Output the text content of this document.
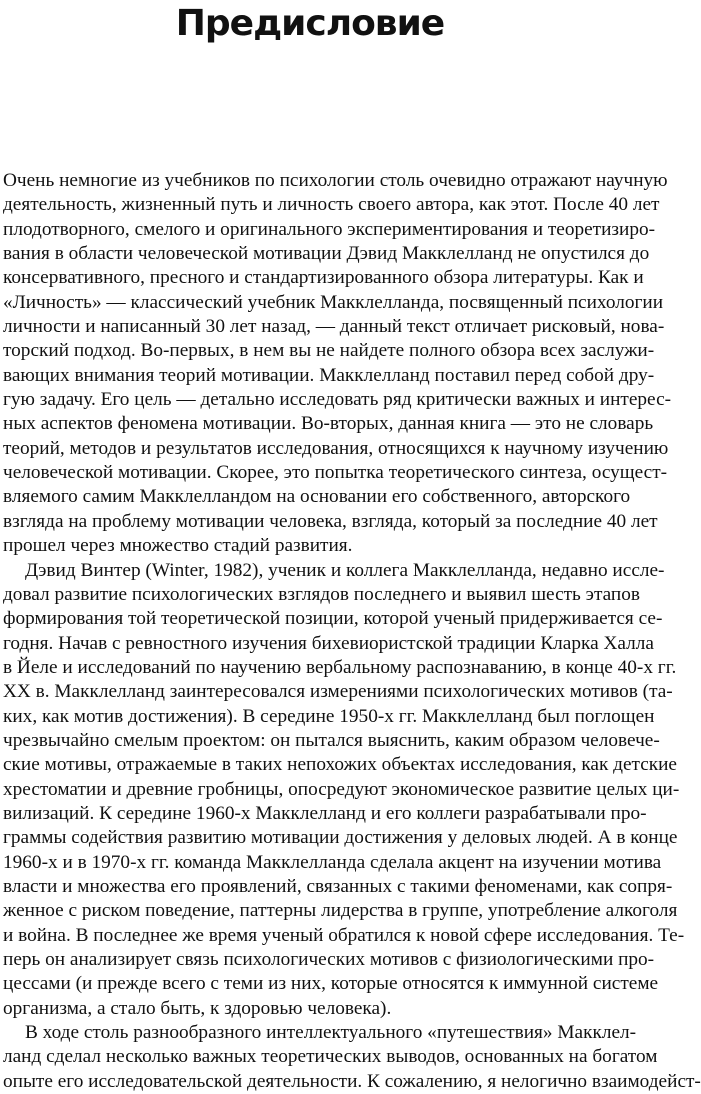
Предисловие
Очень немногие из учебников по психологии столь очевидно отражают научную
деятельность, жизненный путь и личность своего автора, как этот. После 40 лет
плодотворного, смелого и оригинального экспериментирования и теоретизиро-
вания в области человеческой мотивации Дэвид Макклелланд не опустился до
консервативного, пресного и стандартизированного обзора литературы. Как и
«Личность» — классический учебник Макклелланда, посвященный психологии
личности и написанный 30 лет назад, — данный текст отличает рисковый, нова-
торский подход. Во-первых, в нем вы не найдете полного обзора всех заслужи-
вающих внимания теорий мотивации. Макклелланд поставил перед собой дру-
гую задачу. Его цель — детально исследовать ряд критически важных и интерес-
ных аспектов феномена мотивации. Во-вторых, данная книга — это не словарь
теорий, методов и результатов исследования, относящихся к научному изучению
человеческой мотивации. Скорее, это попытка теоретического синтеза, осущест-
вляемого самим Макклелландом на основании его собственного, авторского
взгляда на проблему мотивации человека, взгляда, который за последние 40 лет
прошел через множество стадий развития.
Дэвид Винтер (Winter, 1982), ученик и коллега Макклелланда, недавно иссле-
довал развитие психологических взглядов последнего и выявил шесть этапов
формирования той теоретической позиции, которой ученый придерживается се-
годня. Начав с ревностного изучения бихевиористской традиции Кларка Халла
в Йеле и исследований по научению вербальному распознаванию, в конце 40-х гг.
XX в. Макклелланд заинтересовался измерениями психологических мотивов (та-
ких, как мотив достижения). В середине 1950-х гг. Макклелланд был поглощен
чрезвычайно смелым проектом: он пытался выяснить, каким образом человече-
ские мотивы, отражаемые в таких непохожих объектах исследования, как детские
хрестоматии и древние гробницы, опосредуют экономическое развитие целых ци-
вилизаций. К середине 1960-х Макклелланд и его коллеги разрабатывали про-
граммы содействия развитию мотивации достижения у деловых людей. А в конце
1960-х и в 1970-х гг. команда Макклелланда сделала акцент на изучении мотива
власти и множества его проявлений, связанных с такими феноменами, как сопря-
женное с риском поведение, паттерны лидерства в группе, употребление алкоголя
и война. В последнее же время ученый обратился к новой сфере исследования. Те-
перь он анализирует связь психологических мотивов с физиологическими про-
цессами (и прежде всего с теми из них, которые относятся к иммунной системе
организма, а стало быть, к здоровью человека).
В ходе столь разнообразного интеллектуального «путешествия» Макклел-
ланд сделал несколько важных теоретических выводов, основанных на богатом
опыте его исследовательской деятельности. К сожалению, я нелогично взаимодейст-
